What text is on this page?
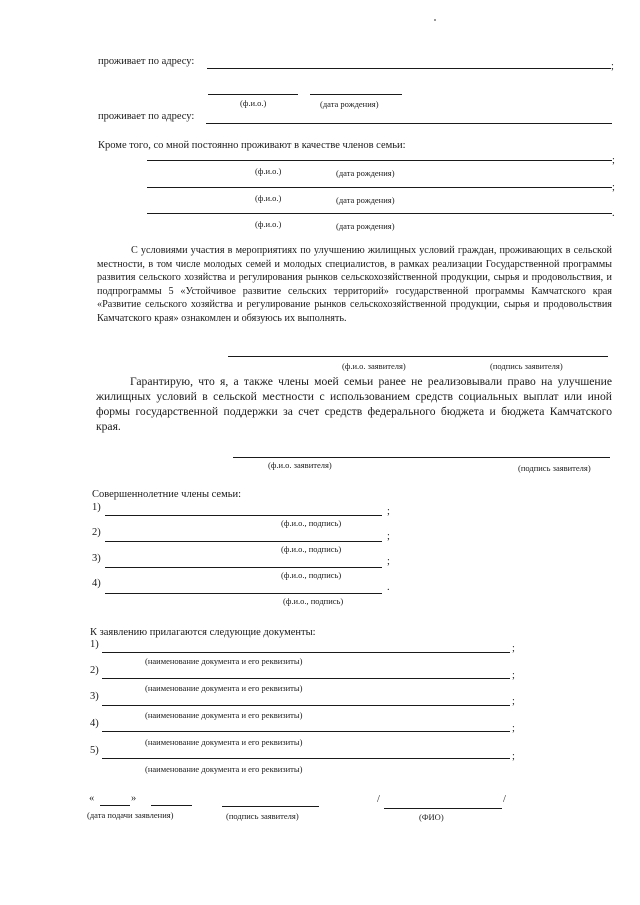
проживает по адресу:	;
(ф.и.о.)	(дата рождения)
проживает по адресу:
Кроме того, со мной постоянно проживают в качестве членов семьи:
;
(ф.и.о.)	(дата рождения)
;
(ф.и.о.)	(дата рождения)
.
(ф.и.о.)	(дата рождения)
С условиями участия в мероприятиях по улучшению жилищных условий граждан, проживающих в сельской местности, в том числе молодых семей и молодых специалистов, в рамках реализации Государственной программы развития сельского хозяйства и регулирования рынков сельскохозяйственной продукции, сырья и продовольствия, и подпрограммы 5 «Устойчивое развитие сельских территорий» государственной программы Камчатского края «Развитие сельского хозяйства и регулирование рынков сельскохозяйственной продукции, сырья и продовольствия Камчатского края» ознакомлен и обязуюсь их выполнять.
(ф.и.о. заявителя)	(подпись заявителя)
Гарантирую, что я, а также члены моей семьи ранее не реализовывали право на улучшение жилищных условий в сельской местности с использованием средств социальных выплат или иной формы государственной поддержки за счет средств федерального бюджета и бюджета Камчатского края.
(ф.и.о. заявителя)	(подпись заявителя)
Совершеннолетние члены семьи:
1)	;
(ф.и.о., подпись)
2)	;
(ф.и.о., подпись)
3)	;
(ф.и.о., подпись)
4)	.
(ф.и.о., подпись)
К заявлению прилагаются следующие документы:
1)	;
(наименование документа и его реквизиты)
2)	;
(наименование документа и его реквизиты)
3)	;
(наименование документа и его реквизиты)
4)	;
(наименование документа и его реквизиты)
5)
;
(наименование документа и его реквизиты)
«	»
(дата подачи заявления)	(подпись заявителя)
/	/
(ФИО)
